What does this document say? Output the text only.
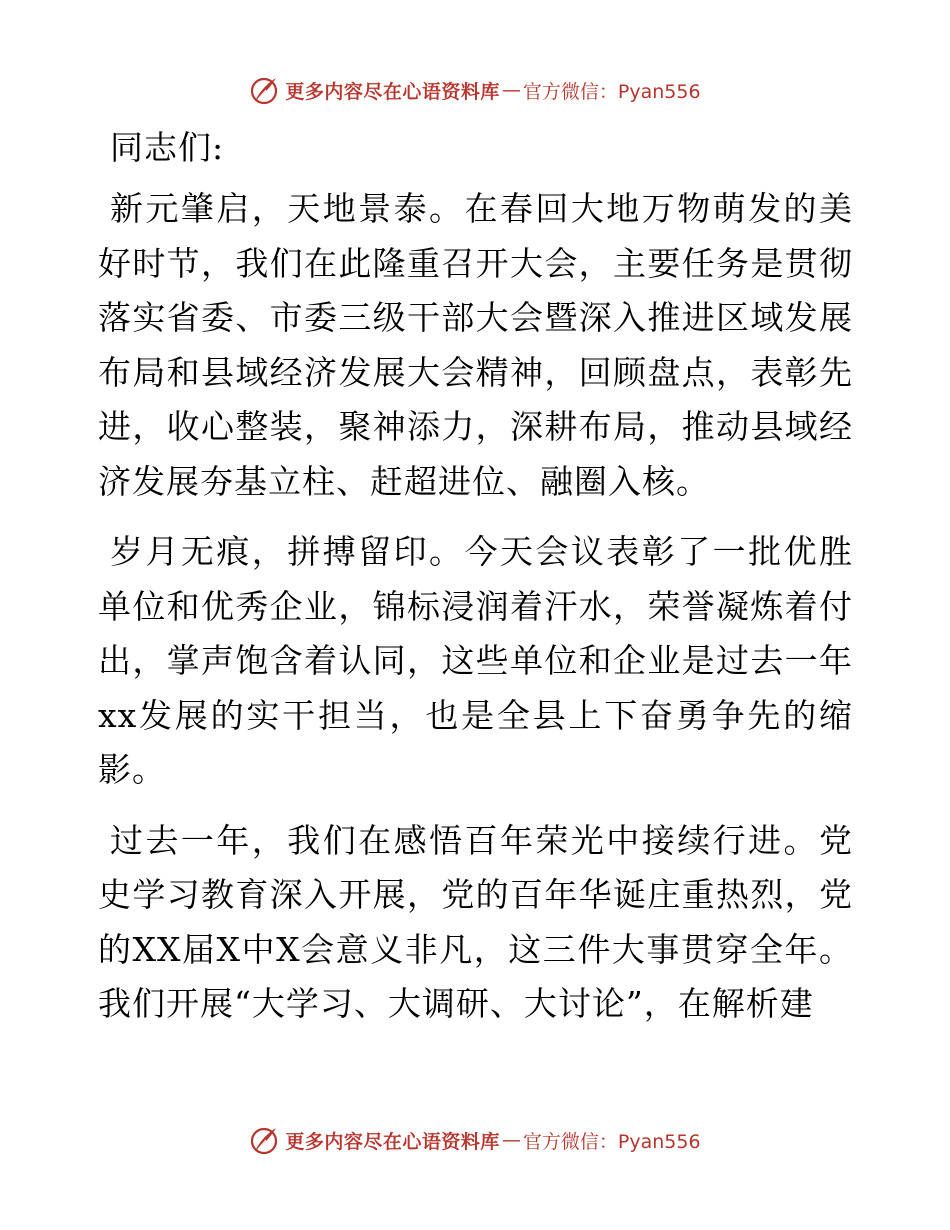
更多内容尽在心语资料库 — 官方微信：Pyan556

同志们:

新元肇启，天地景泰。在春回大地万物萌发的美好时节，我们在此隆重召开大会，主要任务是贯彻落实省委、市委三级干部大会暨深入推进区域发展布局和县域经济发展大会精神，回顾盘点，表彰先进，收心整装，聚神添力，深耕布局，推动县域经济发展夯基立柱、赶超进位、融圈入核。

岁月无痕，拼搏留印。今天会议表彰了一批优胜单位和优秀企业，锦标浸润着汗水，荣誉凝炼着付出，掌声饱含着认同，这些单位和企业是过去一年xx发展的实干担当，也是全县上下奋勇争先的缩影。

过去一年，我们在感悟百年荣光中接续行进。党史学习教育深入开展，党的百年华诞庄重热烈，党的XX届X中X会意义非凡，这三件大事贯穿全年。我们开展“大学习、大调研、大讨论”，在解析建

更多内容尽在心语资料库 — 官方微信：Pyan556
